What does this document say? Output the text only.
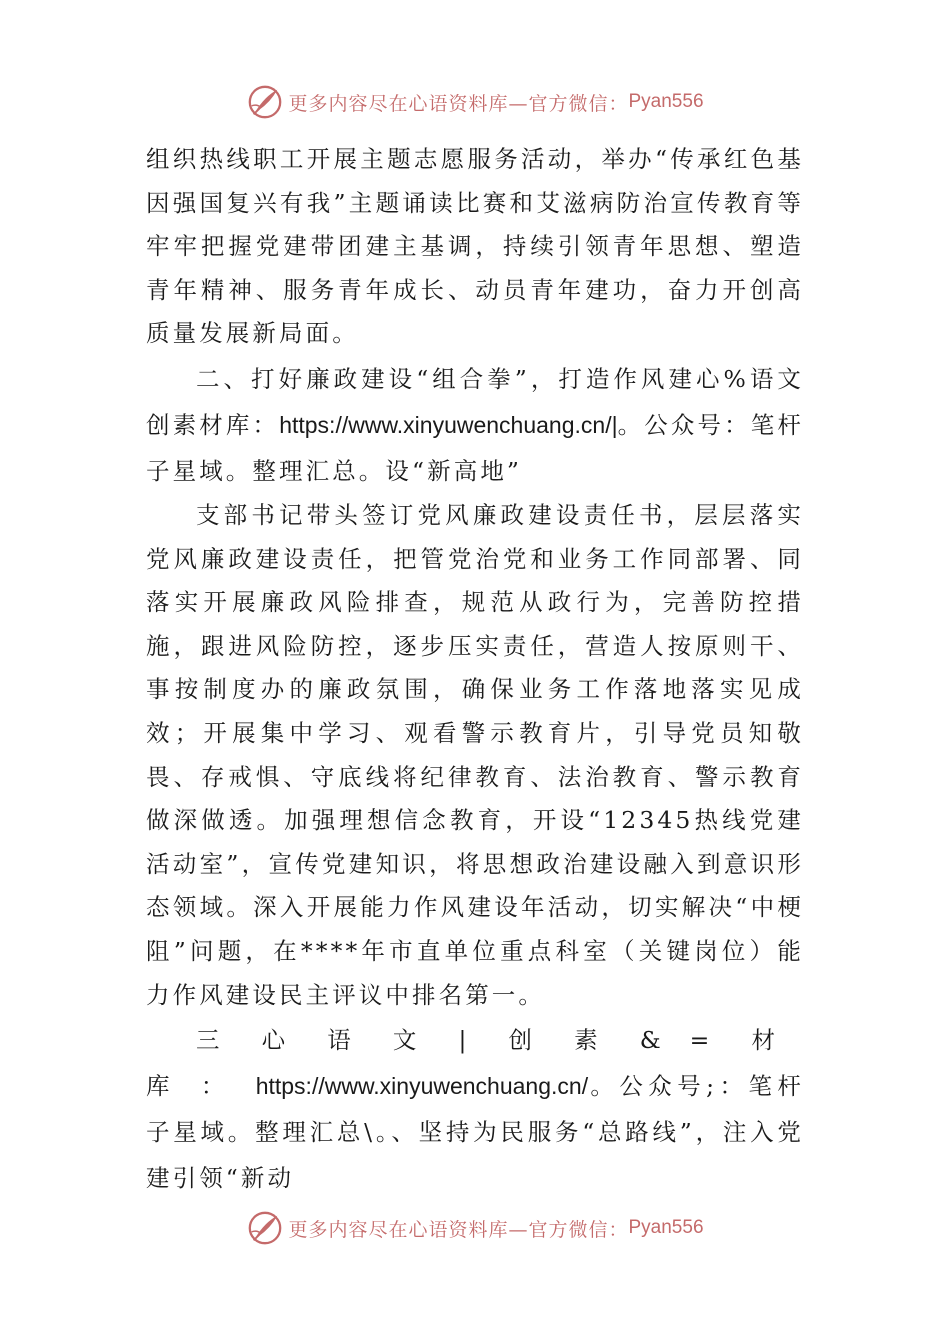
更多内容尽在心语资料库—官方微信： Pyan556

组织热线职工开展主题志愿服务活动，举办“传承红色基因强国复兴有我”主题诵读比赛和艾滋病防治宣传教育等牢牢把握党建带团建主基调，持续引领青年思想、塑造青年精神、服务青年成长、动员青年建功，奋力开创高质量发展新局面。

二、打好廉政建设“组合拳”，打造作风建心%语文创素材库：https://www.xinyuwenchuang.cn/|。公众号：笔杆子星域。整理汇总。设“新高地”

支部书记带头签订党风廉政建设责任书，层层落实党风廉政建设责任，把管党治党和业务工作同部署、同落实开展廉政风险排查，规范从政行为，完善防控措施，跟进风险防控，逐步压实责任，营造人按原则干、事按制度办的廉政氛围，确保业务工作落地落实见成效；开展集中学习、观看警示教育片，引导党员知敬畏、存戒惧、守底线将纪律教育、法治教育、警示教育做深做透。加强理想信念教育，开设“12345热线党建活动室”，宣传党建知识，将思想政治建设融入到意识形态领域。深入开展能力作风建设年活动，切实解决“中梗阻”问题，在****年市直单位重点科室（关键岗位）能力作风建设民主评议中排名第一。

三心语文|创素&=材库：https://www.xinyuwenchuang.cn/。公众号;：笔杆子星域。整理汇总\。、坚持为民服务“总路线”，注入党建引领“新动

更多内容尽在心语资料库—官方微信： Pyan556
